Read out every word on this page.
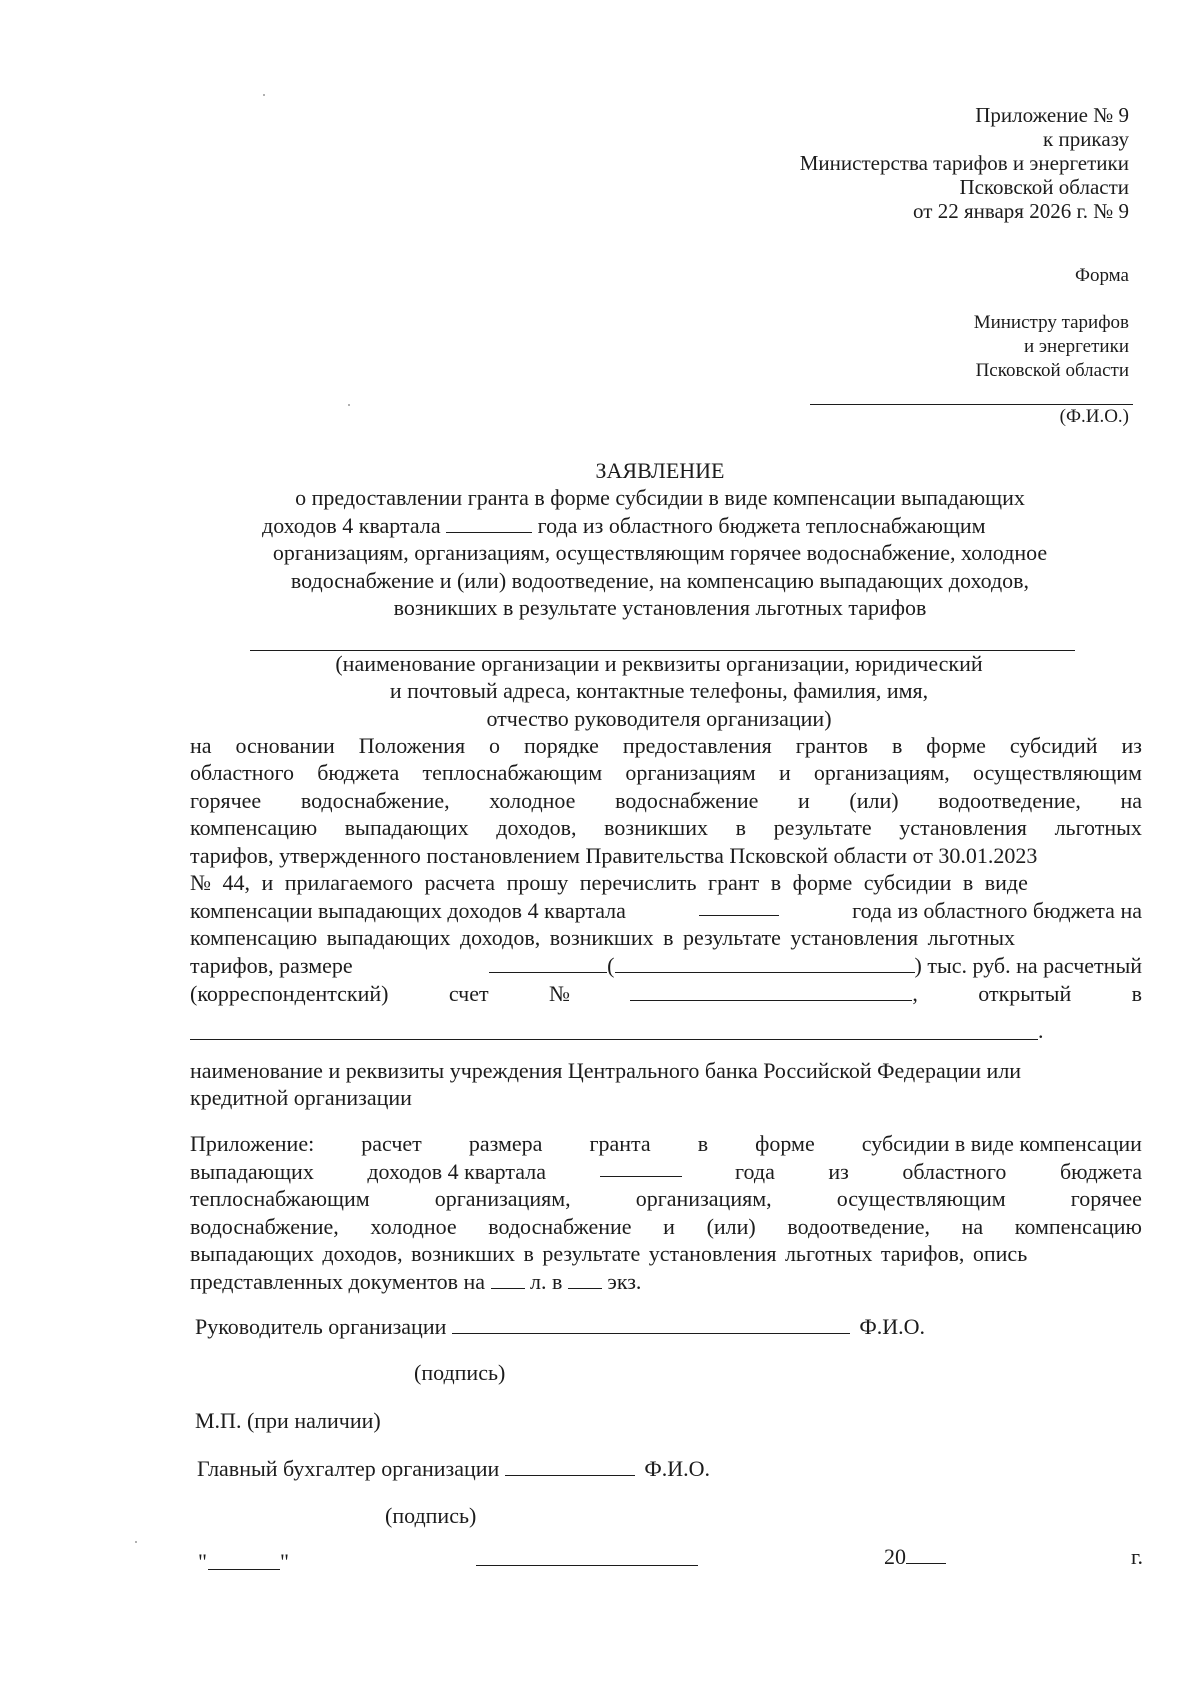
Приложение № 9
к приказу
Министерства тарифов и энергетики
Псковской области
от 22 января 2026 г. № 9
Форма
Министру тарифов
и энергетики
Псковской области
(Ф.И.О.)
ЗАЯВЛЕНИЕ
о предоставлении гранта в форме субсидии в виде компенсации выпадающих
доходов 4 квартала	года из областного бюджета теплоснабжающим
организациям, организациям, осуществляющим горячее водоснабжение, холодное
водоснабжение и (или) водоотведение, на компенсацию выпадающих доходов,
возникших в результате установления льготных тарифов
(наименование организации и реквизиты организации, юридический
и почтовый адреса, контактные телефоны, фамилия, имя,
отчество руководителя организации)
на основании Положения о порядке предоставления грантов в форме субсидий из
областного бюджета теплоснабжающим организациям и организациям, осуществляющим
горячее водоснабжение, холодное водоснабжение и (или) водоотведение, на
компенсацию выпадающих доходов, возникших в результате установления льготных
тарифов, утвержденного постановлением Правительства Псковской области от 30.01.2023
№ 44, и прилагаемого расчета прошу перечислить грант в форме субсидии в виде
компенсации выпадающих доходов 4 квартала	года из областного бюджета на
компенсацию выпадающих доходов, возникших в результате установления льготных
тарифов, размере	(	) тыс. руб. на расчетный
(корреспондентский)	счет	№	,	открытый	в
.
наименование и реквизиты учреждения Центрального банка Российской Федерации или
кредитной организации
Приложение: расчет размера гранта в форме субсидии в виде компенсации
выпадающих доходов 4 квартала	года из областного бюджета
теплоснабжающим	организациям,	организациям,	осуществляющим	горячее
водоснабжение, холодное водоснабжение и (или) водоотведение, на компенсацию
выпадающих доходов, возникших в результате установления льготных тарифов, опись
представленных документов на л. в экз.
Руководитель организации	Ф.И.О.
(подпись)
М.П. (при наличии)
Главный бухгалтер организации	Ф.И.О.
(подпись)
"	"	20	г.
